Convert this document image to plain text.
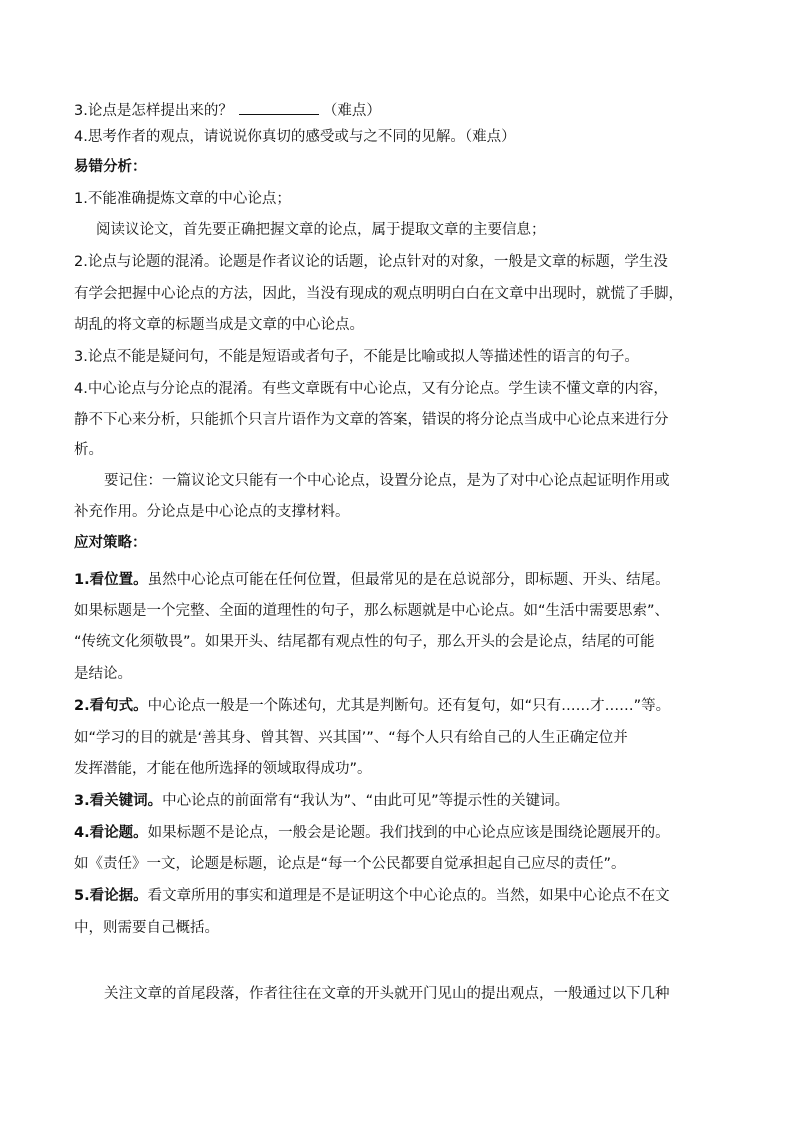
3.论点是怎样提出来的？	（难点）
4.思考作者的观点，请说说你真切的感受或与之不同的见解。（难点）
易错分析：
1.不能准确提炼文章的中心论点；
阅读议论文，首先要正确把握文章的论点，属于提取文章的主要信息；
2.论点与论题的混淆。论题是作者议论的话题，论点针对的对象，一般是文章的标题，学生没
有学会把握中心论点的方法，因此，当没有现成的观点明明白白在文章中出现时，就慌了手脚，
胡乱的将文章的标题当成是文章的中心论点。
3.论点不能是疑问句，不能是短语或者句子，不能是比喻或拟人等描述性的语言的句子。
4.中心论点与分论点的混淆。有些文章既有中心论点，又有分论点。学生读不懂文章的内容，
静不下心来分析，只能抓个只言片语作为文章的答案，错误的将分论点当成中心论点来进行分
析。
要记住：一篇议论文只能有一个中心论点，设置分论点，是为了对中心论点起证明作用或
补充作用。分论点是中心论点的支撑材料。
应对策略：
1.看位置。虽然中心论点可能在任何位置，但最常见的是在总说部分，即标题、开头、结尾。
如果标题是一个完整、全面的道理性的句子，那么标题就是中心论点。如“生活中需要思索”、
“传统文化须敬畏”。如果开头、结尾都有观点性的句子，那么开头的会是论点，结尾的可能
是结论。
2.看句式。中心论点一般是一个陈述句，尤其是判断句。还有复句，如“只有……才……”等。
如“学习的目的就是‘善其身、曾其智、兴其国’”、“每个人只有给自己的人生正确定位并
发挥潜能，才能在他所选择的领域取得成功”。
3.看关键词。中心论点的前面常有“我认为”、“由此可见”等提示性的关键词。
4.看论题。如果标题不是论点，一般会是论题。我们找到的中心论点应该是围绕论题展开的。
如《责任》一文，论题是标题，论点是“每一个公民都要自觉承担起自己应尽的责任”。
5.看论据。看文章所用的事实和道理是不是证明这个中心论点的。当然，如果中心论点不在文
中，则需要自己概括。
关注文章的首尾段落，作者往往在文章的开头就开门见山的提出观点，一般通过以下几种
